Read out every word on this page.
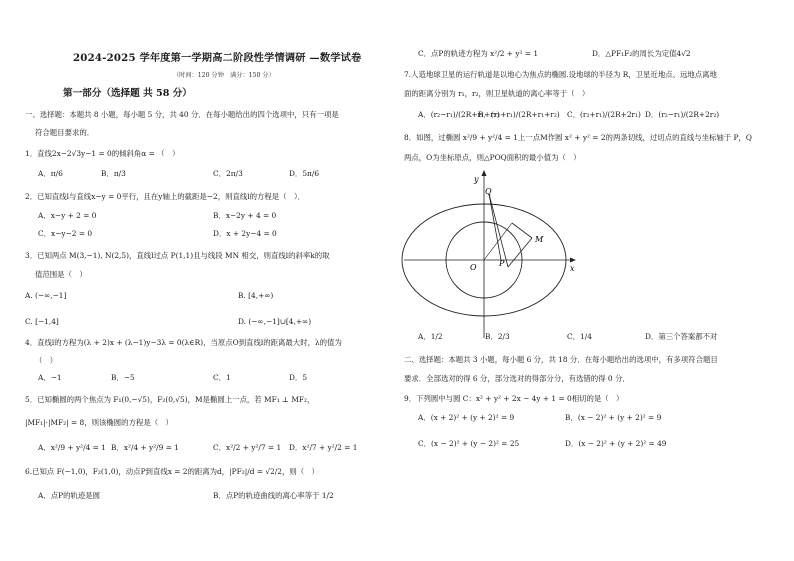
2024-2025 学年度第一学期高二阶段性学情调研 —数学试卷
（时间：120 分钟　满分：150 分）
第一部分（选择题 共 58 分）
一、选择题：本题共 8 小题，每小题 5 分，共 40 分．在每小题给出的四个选项中，只有一项是
符合题目要求的．
1．直线2x−2√3y−1 = 0的倾斜角α = （　）
A．π/6	B．π/3	C．2π/3	D．5π/6
2．已知直线l与直线x−y = 0平行，且在y轴上的截距是−2，则直线l的方程是（　）．
A．x−y + 2 = 0	B．x−2y + 4 = 0
C．x−y−2 = 0	D．x + 2y−4 = 0
3．已知两点 M(3,−1), N(2,5)，直线l过点 P(1,1)且与线段 MN 相交，则直线l的斜率k的取
值范围是（　）
A. (−∞,−1]	B. [4,+∞)
C. [−1,4]	D. (−∞,−1]∪[4,+∞)
4．直线l的方程为(λ + 2)x + (λ−1)y−3λ = 0(λ∈R)，当原点O到直线l的距离最大时，λ的值为
（　）
A．−1	B．−5	C．1	D．5
5．已知椭圆的两个焦点为 F₁(0,−√5)，F₂(0,√5)，M是椭圆上一点，若 MF₁ ⊥ MF₂，
|MF₁|·|MF₂| = 8，则该椭圆的方程是（　）
A．x²/9 + y²/4 = 1 B．x²/4 + y²/9 = 1	C．x²/2 + y²/7 = 1 D．x²/7 + y²/2 = 1
6.已知点 F(−1,0)，F₂(1,0)，动点P到直线x = 2的距离为d，|PF₂|/d = √2/2，则（　）
A．点P的轨迹是圆	B．点P的轨迹曲线的离心率等于 1/2
C．点P的轨迹方程为 x²/2 + y² = 1	D．△PF₁F₂的周长为定值4√2
7.人造地球卫星的运行轨道是以地心为焦点的椭圆.设地球的半径为 R，卫星近地点、远地点离地
面的距离分别为 r₁，r₂，则卫星轨道的离心率等于（　）
A．(r₂−r₁)/(2R+r₁+r₂)
B．(r₂+r₁)/(2R+r₁+r₂) C．(r₂+r₁)/(2R+2r₁) D．(r₂−r₁)/(2R+2r₂)
8．如图，过椭圆 x²/9 + y²/4 = 1上一点M作圆 x² + y² = 2的两条切线，过切点的直线与坐标轴于 P，Q
两点，O为坐标原点，则△POQ面积的最小值为（　）
y
x
O
Q
M
P
A．1/2	B．2/3	C．1/4	D．第三个答案都不对
二、选择题：本题共 3 小题，每小题 6 分，共 18 分．在每小题给出的选项中，有多项符合题目
要求．全部选对的得 6 分，部分选对的得部分分，有选错的得 0 分．
9．下列圆中与圆 C：x² + y² + 2x − 4y + 1 = 0相切的是（　）
A．(x + 2)² + (y + 2)² = 9	B．(x − 2)² + (y + 2)² = 9
C．(x − 2)² + (y − 2)² = 25	D．(x − 2)² + (y + 2)² = 49
